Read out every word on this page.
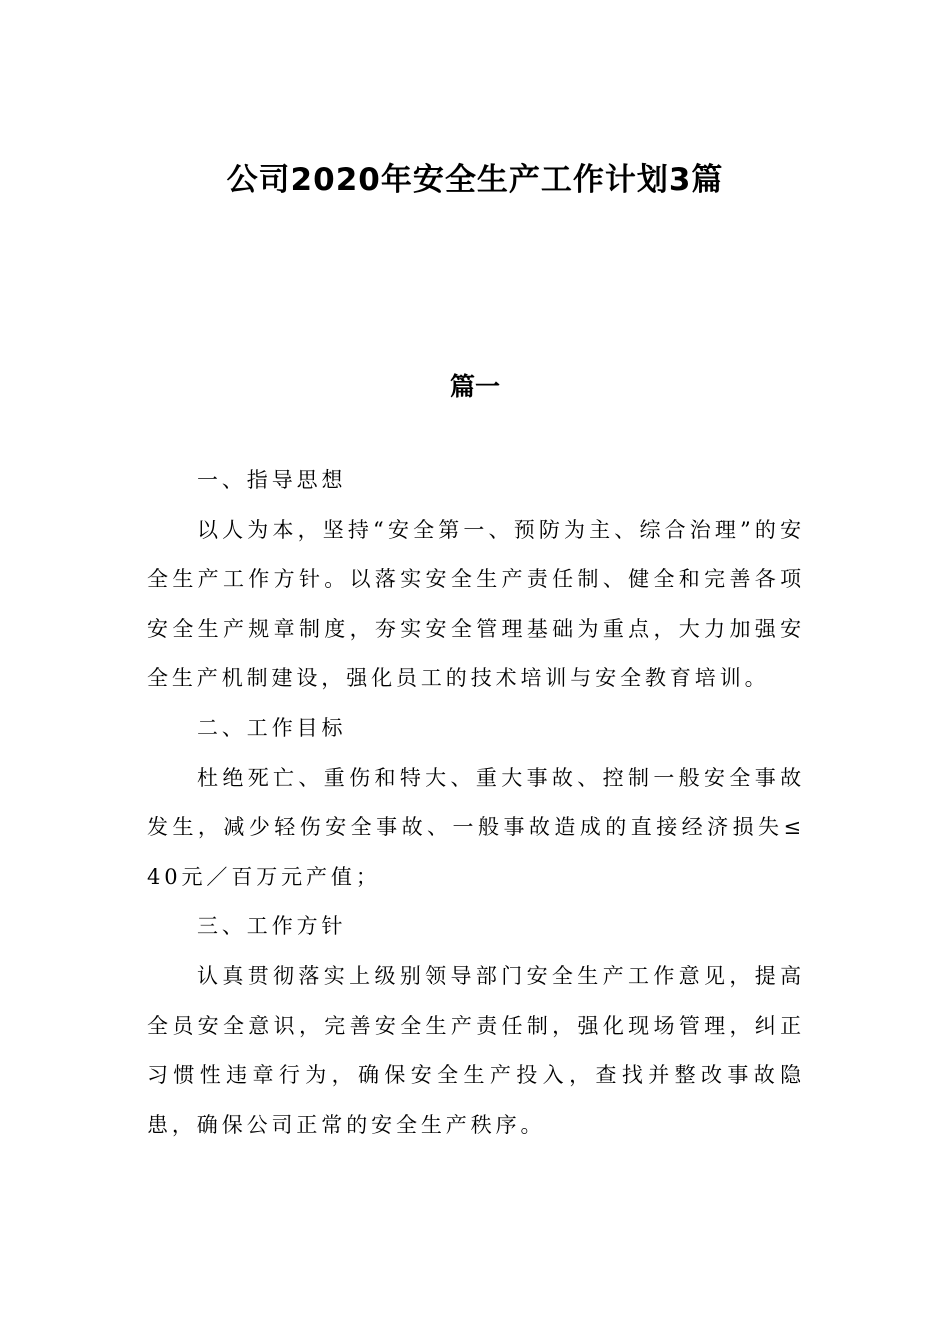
公司2020年安全生产工作计划3篇
篇一

一、指导思想

以人为本，坚持“安全第一、预防为主、综合治理”的安全生产工作方针。以落实安全生产责任制、健全和完善各项安全生产规章制度，夯实安全管理基础为重点，大力加强安全生产机制建设，强化员工的技术培训与安全教育培训。

二、工作目标

杜绝死亡、重伤和特大、重大事故、控制一般安全事故发生，减少轻伤安全事故、一般事故造成的直接经济损失≤40元／百万元产值；

三、工作方针

认真贯彻落实上级别领导部门安全生产工作意见，提高全员安全意识，完善安全生产责任制，强化现场管理，纠正习惯性违章行为，确保安全生产投入，查找并整改事故隐患，确保公司正常的安全生产秩序。
